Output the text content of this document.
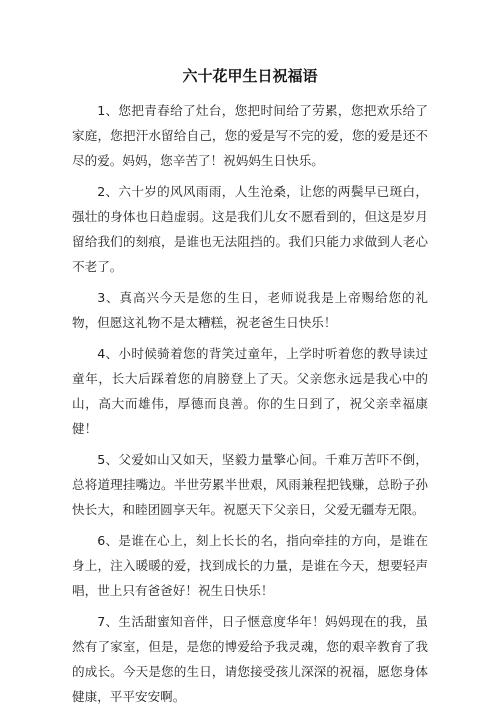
六十花甲生日祝福语

1、您把青春给了灶台，您把时间给了劳累，您把欢乐给了家庭，您把汗水留给自己，您的爱是写不完的爱，您的爱是还不尽的爱。妈妈，您辛苦了！祝妈妈生日快乐。

2、六十岁的风风雨雨，人生沧桑，让您的两鬓早已斑白，强壮的身体也日趋虚弱。这是我们儿女不愿看到的，但这是岁月留给我们的刻痕，是谁也无法阻挡的。我们只能力求做到人老心不老了。

3、真高兴今天是您的生日，老师说我是上帝赐给您的礼物，但愿这礼物不是太糟糕，祝老爸生日快乐！

4、小时候骑着您的背笑过童年，上学时听着您的教导读过童年，长大后踩着您的肩膀登上了天。父亲您永远是我心中的山，高大而雄伟，厚德而良善。你的生日到了，祝父亲幸福康健！

5、父爱如山又如天，坚毅力量擎心间。千难万苦吓不倒，总将道理挂嘴边。半世劳累半世艰，风雨兼程把钱赚，总盼子孙快长大，和睦团圆享天年。祝愿天下父亲日，父爱无疆寿无限。

6、是谁在心上，刻上长长的名，指向牵挂的方向，是谁在身上，注入暖暖的爱，找到成长的力量，是谁在今天，想要轻声唱，世上只有爸爸好！祝生日快乐！

7、生活甜蜜知音伴，日子惬意度华年！妈妈现在的我，虽然有了家室，但是，是您的博爱给予我灵魂，您的艰辛教育了我的成长。今天是您的生日，请您接受孩儿深深的祝福，愿您身体健康，平平安安啊。
